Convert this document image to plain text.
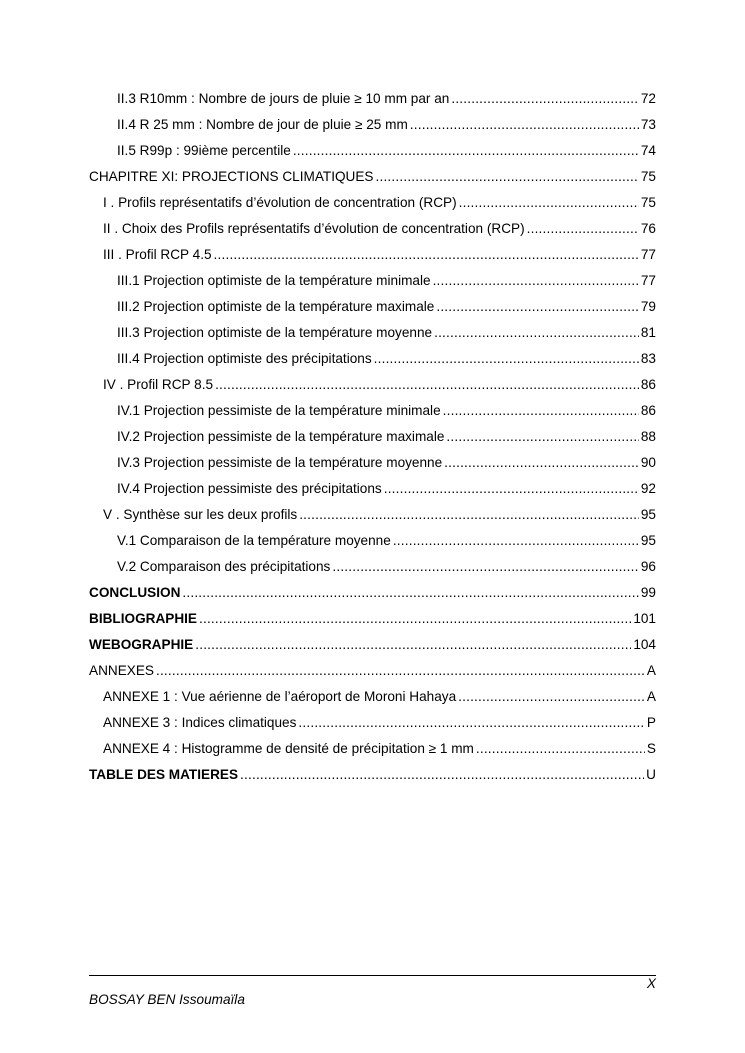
II.3 R10mm : Nombre de jours de pluie ≥ 10 mm par an .....	72
II.4 R 25 mm : Nombre de jour de pluie ≥ 25 mm .....	73
II.5 R99p : 99ième percentile .....	74
CHAPITRE XI: PROJECTIONS CLIMATIQUES .....	75
I . Profils représentatifs d’évolution de concentration (RCP) .....	75
II . Choix des Profils représentatifs d’évolution de concentration (RCP) .....	76
III . Profil RCP 4.5 .....	77
III.1 Projection optimiste de la température minimale .....	77
III.2 Projection optimiste de la température maximale .....	79
III.3 Projection optimiste de la température moyenne .....	81
III.4 Projection optimiste des précipitations .....	83
IV . Profil RCP 8.5 .....	86
IV.1 Projection pessimiste de la température minimale .....	86
IV.2 Projection pessimiste de la température maximale .....	88
IV.3 Projection pessimiste de la température moyenne .....	90
IV.4 Projection pessimiste des précipitations .....	92
V . Synthèse sur les deux profils .....	95
V.1 Comparaison de la température moyenne .....	95
V.2 Comparaison des précipitations .....	96
CONCLUSION .....	99
BIBLIOGRAPHIE .....	101
WEBOGRAPHIE .....	104
ANNEXES .....	A
ANNEXE 1 : Vue aérienne de l’aéroport de Moroni Hahaya .....	A
ANNEXE 3 : Indices climatiques .....	P
ANNEXE 4 : Histogramme de densité de précipitation ≥ 1 mm .....	S
TABLE DES MATIERES .....	U
X
BOSSAY BEN Issoumaïla
